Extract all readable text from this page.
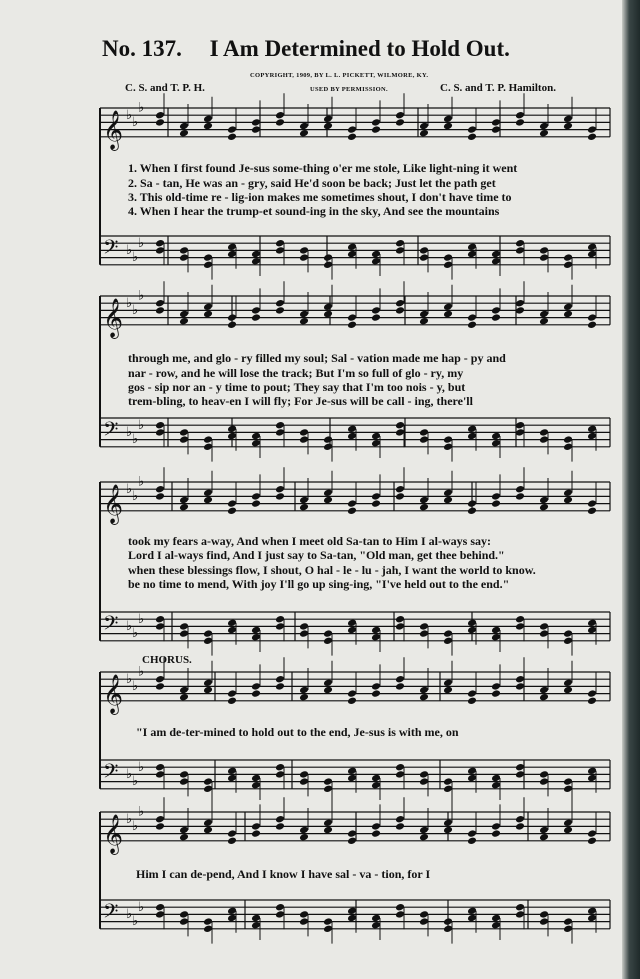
No. 137. I Am Determined to Hold Out.
C. S. and T. P. H.
COPYRIGHT, 1909, BY L. L. PICKETT, WILMORE, KY.
USED BY PERMISSION.	C. S. and T. P. Hamilton.
𝄞
𝄢
♭
♭
♭
♭
♭
♭
𝄞
𝄢
♭
♭
♭
♭
♭
♭
𝄞
𝄢
♭
♭
♭
♭
♭
♭
𝄞
𝄢
♭
♭
♭
♭
♭
♭
𝄞
𝄢
♭
♭
♭
♭
♭
♭
1. When I first found Je-sus some-thing o'er me stole, Like light-ning it went
2. Sa - tan, He was an - gry, said He'd soon be back; Just let the path get
3. This old-time re - lig-ion makes me sometimes shout, I don't have time to
4. When I hear the trump-et sound-ing in the sky, And see the mountains
through me, and glo - ry filled my soul; Sal - vation made me hap - py and
nar - row, and he will lose the track; But I'm so full of glo - ry, my
gos - sip nor an - y time to pout; They say that I'm too nois - y, but
trem-bling, to heav-en I will fly; For Je-sus will be call - ing, there'll
took my fears a-way, And when I meet old Sa-tan to Him I al-ways say:
Lord I al-ways find, And I just say to Sa-tan, "Old man, get thee behind."
when these blessings flow, I shout, O hal - le - lu - jah, I want the world to know.
be no time to mend, With joy I'll go up sing-ing, "I've held out to the end."
CHORUS.
"I am de-ter-mined to hold out to the end, Je-sus is with me, on
Him I can de-pend, And I know I have sal - va - tion, for I
